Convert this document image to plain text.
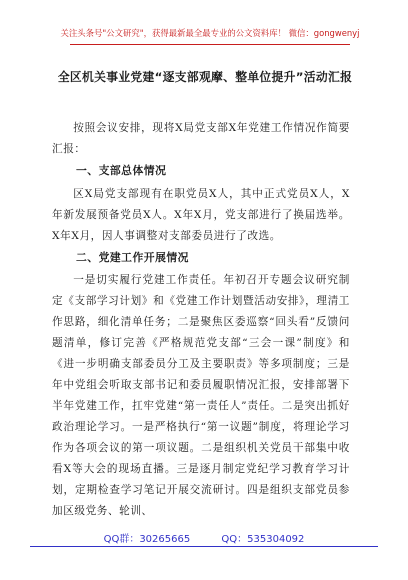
关注头条号"公文研究"，获得最新最全最专业的公文资料库！ 微信：gongwenyj
全区机关事业党建“逐支部观摩、整单位提升”活动汇报
按照会议安排，现将X局党支部X年党建工作情况作简要汇报：
一、支部总体情况
区X局党支部现有在职党员X人，其中正式党员X人，X年新发展预备党员X人。X年X月，党支部进行了换届选举。X年X月，因人事调整对支部委员进行了改选。
二、党建工作开展情况
一是切实履行党建工作责任。年初召开专题会议研究制定《支部学习计划》和《党建工作计划暨活动安排》，理清工作思路，细化清单任务；二是聚焦区委巡察“回头看”反馈问题清单，修订完善《严格规范党支部“三会一课”制度》和《进一步明确支部委员分工及主要职责》等多项制度；三是年中党组会听取支部书记和委员履职情况汇报，安排部署下半年党建工作，扛牢党建“第一责任人”责任。二是突出抓好政治理论学习。一是严格执行“第一议题”制度，将理论学习作为各项会议的第一项议题。二是组织机关党员干部集中收看X等大会的现场直播。三是逐月制定党纪学习教育学习计划，定期检查学习笔记开展交流研讨。四是组织支部党员参加区级党务、轮训、
QQ群：30265665	QQ：535304092
